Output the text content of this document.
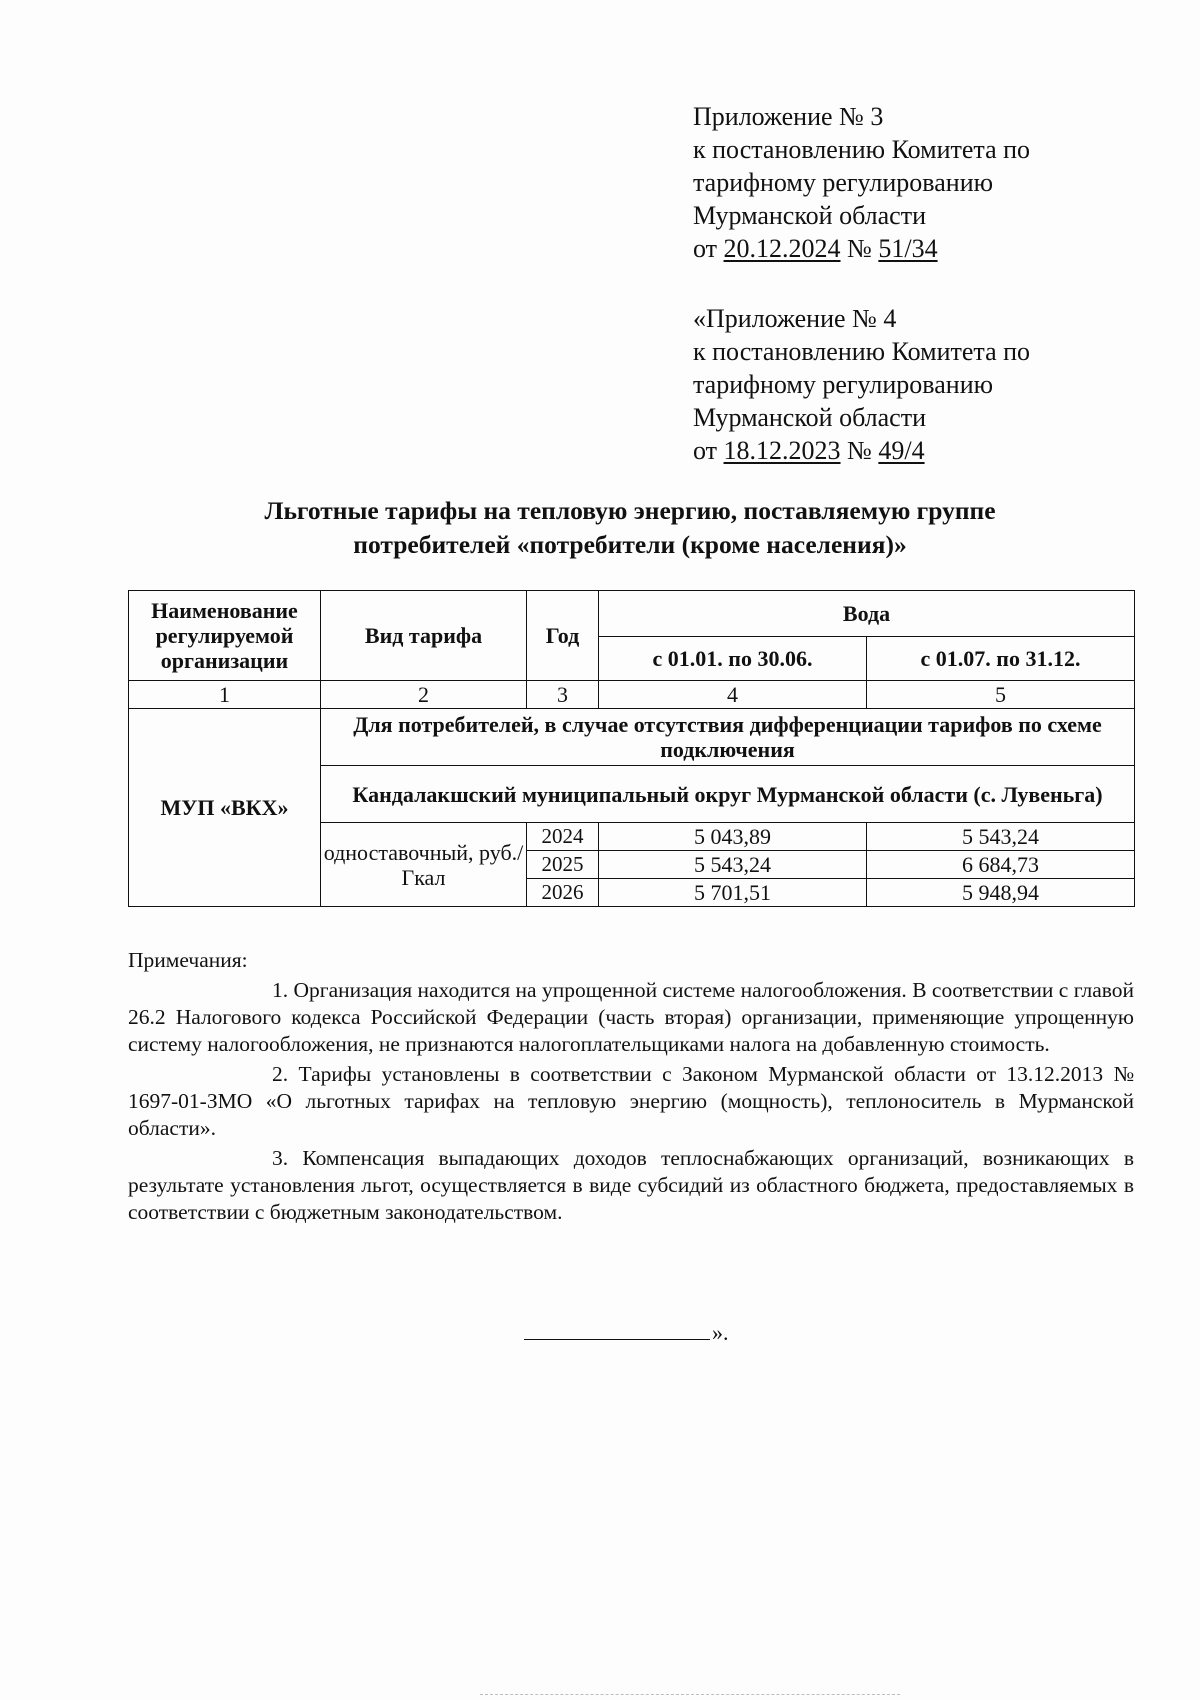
Приложение № 3
к постановлению Комитета по
тарифному регулированию
Мурманской области
от 20.12.2024 № 51/34
«Приложение № 4
к постановлению Комитета по
тарифному регулированию
Мурманской области
от 18.12.2023 № 49/4
Льготные тарифы на тепловую энергию, поставляемую группе
потребителей «потребители (кроме населения)»
Наименование регулируемой организации	Вид тарифа	Год	Вода	
			с 01.01. по 30.06.	с 01.07. по 31.12.
1	2	3	4	5
МУП «ВКХ»	Для потребителей, в случае отсутствия дифференциации тарифов по схеме подключения			
	Кандалакшский муниципальный округ Мурманской области (с. Лувеньга)			
	одноставочный, руб./Гкал	2024	5 043,89	5 543,24
		2025	5 543,24	6 684,73
		2026	5 701,51	5 948,94
Примечания:

1. Организация находится на упрощенной системе налогообложения. В соответствии с главой 26.2 Налогового кодекса Российской Федерации (часть вторая) организации, применяющие упрощенную систему налогообложения, не признаются налогоплательщиками налога на добавленную стоимость.

2. Тарифы установлены в соответствии с Законом Мурманской области от 13.12.2013 № 1697-01-ЗМО «О льготных тарифах на тепловую энергию (мощность), теплоноситель в Мурманской области».

3. Компенсация выпадающих доходов теплоснабжающих организаций, возникающих в результате установления льгот, осуществляется в виде субсидий из областного бюджета, предоставляемых в соответствии с бюджетным законодательством.

».
